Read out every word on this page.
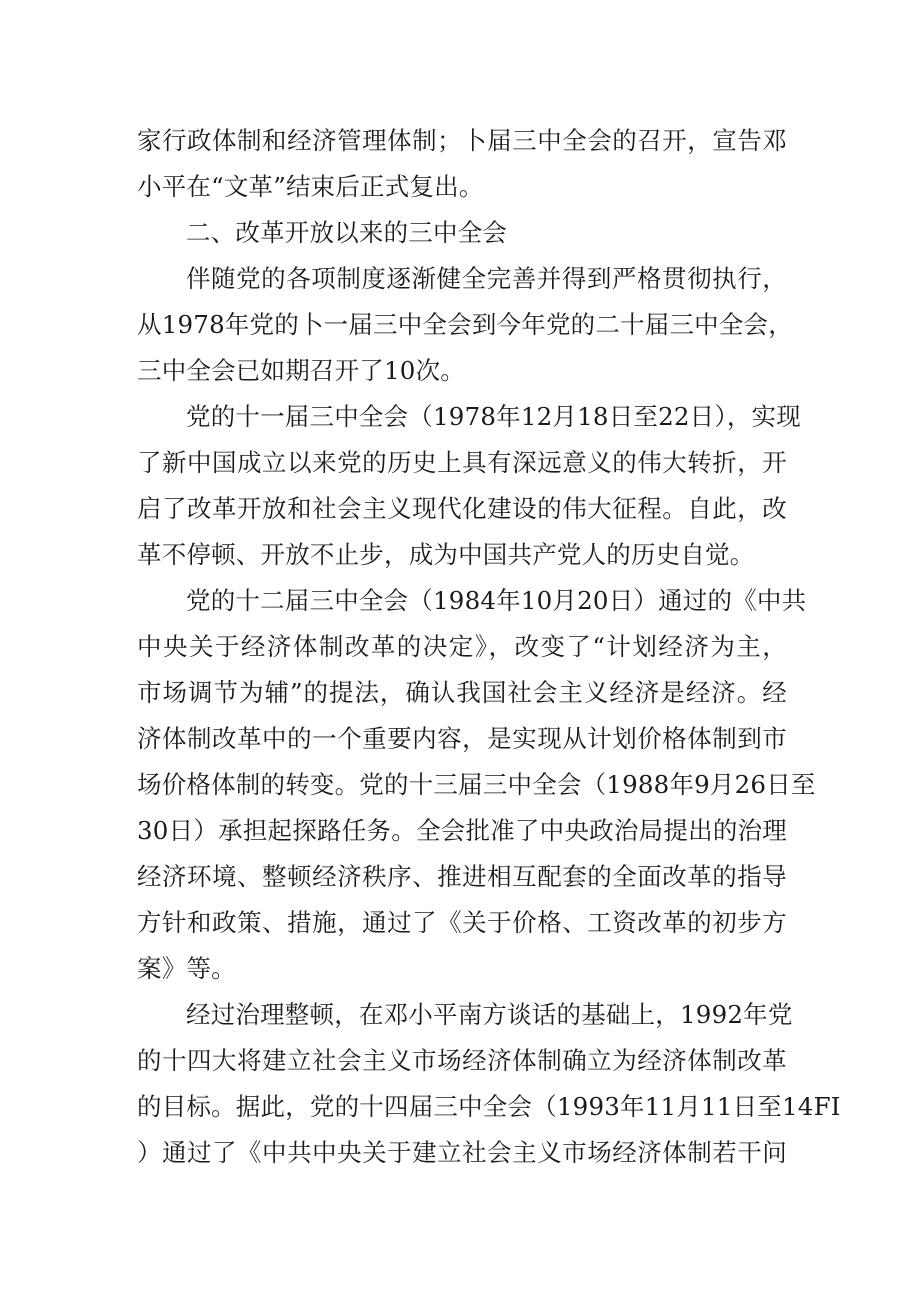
家行政体制和经济管理体制；卜届三中全会的召开，宣告邓
小平在“文革”结束后正式复出。
二、改革开放以来的三中全会
伴随党的各项制度逐渐健全完善并得到严格贯彻执行，
从1978年党的卜一届三中全会到今年党的二十届三中全会，
三中全会已如期召开了10次。
党的十一届三中全会（1978年12月18日至22日），实现
了新中国成立以来党的历史上具有深远意义的伟大转折，开
启了改革开放和社会主义现代化建设的伟大征程。自此，改
革不停顿、开放不止步，成为中国共产党人的历史自觉。
党的十二届三中全会（1984年10月20日）通过的《中共
中央关于经济体制改革的决定》，改变了“计划经济为主，
市场调节为辅”的提法，确认我国社会主义经济是经济。经
济体制改革中的一个重要内容，是实现从计划价格体制到市
场价格体制的转变。党的十三届三中全会（1988年9月26日至
30日）承担起探路任务。全会批准了中央政治局提出的治理
经济环境、整顿经济秩序、推进相互配套的全面改革的指导
方针和政策、措施，通过了《关于价格、工资改革的初步方
案》等。
经过治理整顿，在邓小平南方谈话的基础上，1992年党
的十四大将建立社会主义市场经济体制确立为经济体制改革
的目标。据此，党的十四届三中全会（1993年11月11日至14FI
）通过了《中共中央关于建立社会主义市场经济体制若干问
